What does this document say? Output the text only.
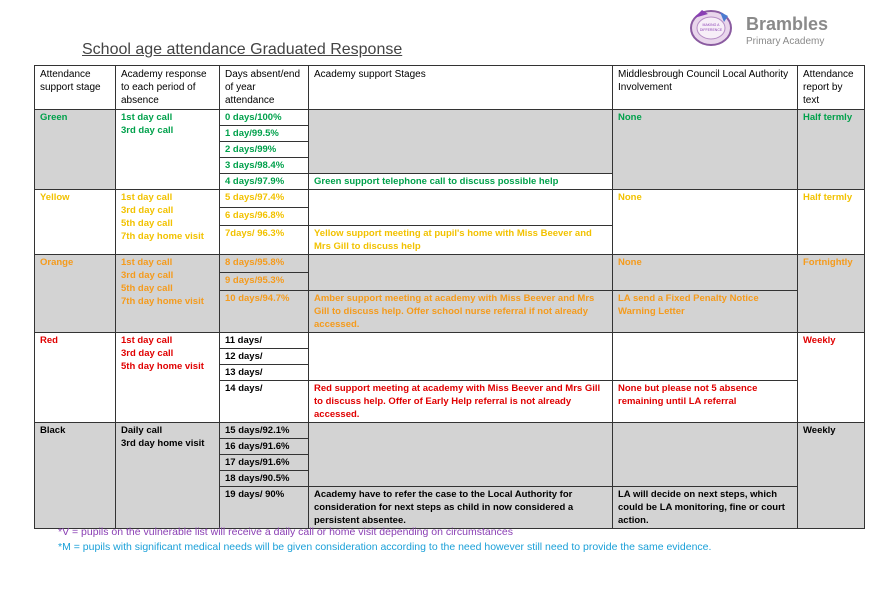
MAKING A
DIFFERENCE Brambles
Primary Academy
School age attendance Graduated Response
Attendance support stage	Academy response to each period of absence	Days absent/end of year attendance	Academy support Stages	Middlesbrough Council Local Authority Involvement	Attendance report by text
Green	1st day call
3rd day call	0 days/100%		None	Half termly
		1 day/99.5%			
		2 days/99%			
		3 days/98.4%			
		4 days/97.9%	Green support telephone call to discuss possible help		
Yellow	1st day call
3rd day call
5th day call
7th day home visit	5 days/97.4%		None	Half termly
		6 days/96.8%			
		7days/ 96.3%	Yellow support meeting at pupil's home with Miss Beever and Mrs Gill to discuss help		
Orange	1st day call
3rd day call
5th day call
7th day home visit	8 days/95.8%		None	Fortnightly
		9 days/95.3%			
		10 days/94.7%	Amber support meeting at academy with Miss Beever and Mrs Gill to discuss help. Offer school nurse referral if not already accessed.	LA send a Fixed Penalty Notice Warning Letter	
Red	1st day call
3rd day call
5th day home visit	11 days/			Weekly
		12 days/			
		13 days/			
		14 days/	Red support meeting at academy with Miss Beever and Mrs Gill to discuss help. Offer of Early Help referral is not already accessed.	None but please not 5 absence remaining until LA referral	
Black	Daily call
3rd day home visit	15 days/92.1%			Weekly
		16 days/91.6%			
		17 days/91.6%			
		18 days/90.5%			
		19 days/ 90%	Academy have to refer the case to the Local Authority for consideration for next steps as child in now considered a persistent absentee.	LA will decide on next steps, which could be LA monitoring, fine or court action.	
*V = pupils on the vulnerable list will receive a daily call or home visit depending on circumstances
*M = pupils with significant medical needs will be given consideration according to the need however still need to provide the same evidence.
